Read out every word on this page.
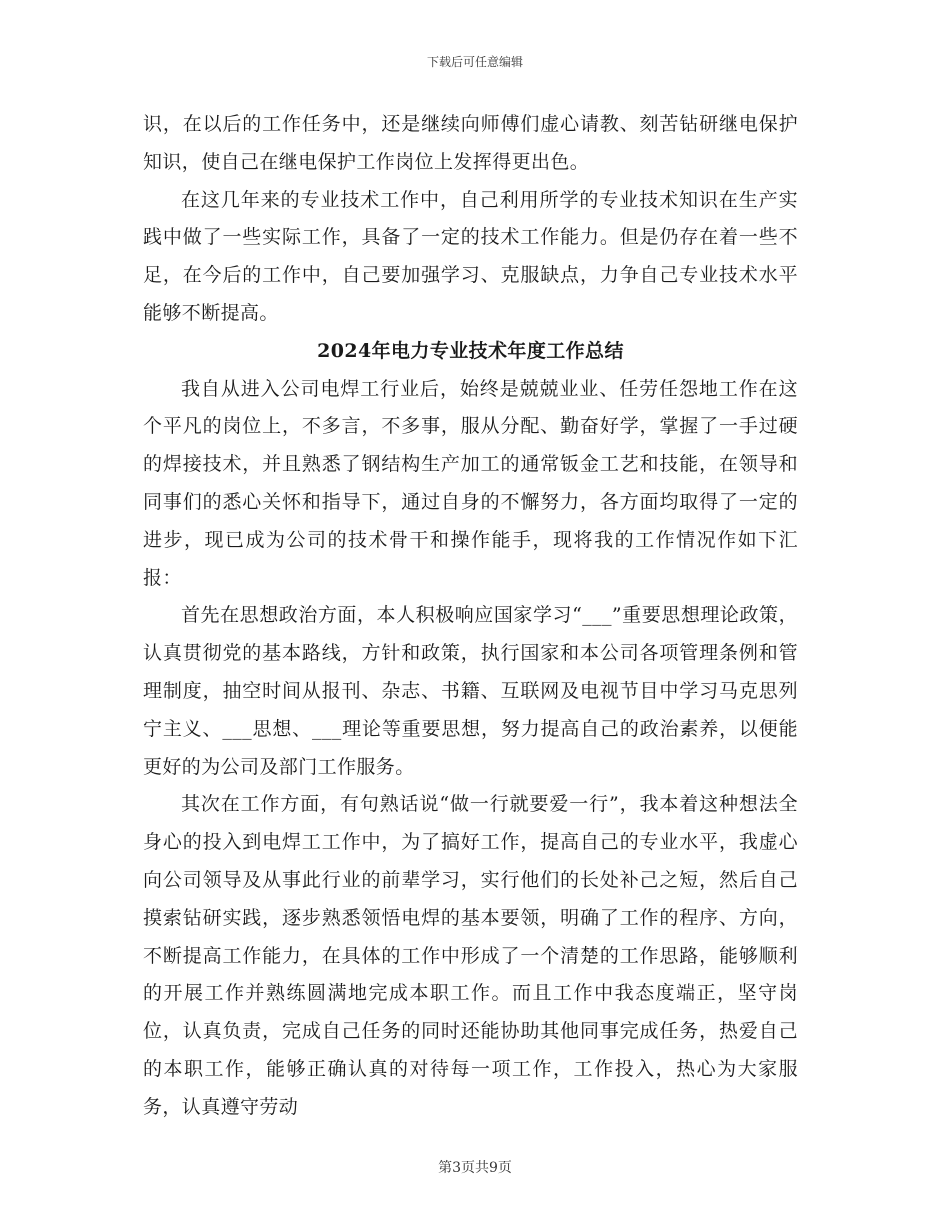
下载后可任意编辑

识，在以后的工作任务中，还是继续向师傅们虚心请教、刻苦钻研继电保护知识，使自己在继电保护工作岗位上发挥得更出色。

在这几年来的专业技术工作中，自己利用所学的专业技术知识在生产实践中做了一些实际工作，具备了一定的技术工作能力。但是仍存在着一些不足，在今后的工作中，自己要加强学习、克服缺点，力争自己专业技术水平能够不断提高。

2024年电力专业技术年度工作总结

我自从进入公司电焊工行业后，始终是兢兢业业、任劳任怨地工作在这个平凡的岗位上，不多言，不多事，服从分配、勤奋好学，掌握了一手过硬的焊接技术，并且熟悉了钢结构生产加工的通常钣金工艺和技能，在领导和同事们的悉心关怀和指导下，通过自身的不懈努力，各方面均取得了一定的进步，现已成为公司的技术骨干和操作能手，现将我的工作情况作如下汇报：

首先在思想政治方面，本人积极响应国家学习“___”重要思想理论政策，认真贯彻党的基本路线，方针和政策，执行国家和本公司各项管理条例和管理制度，抽空时间从报刊、杂志、书籍、互联网及电视节目中学习马克思列宁主义、___思想、___理论等重要思想，努力提高自己的政治素养，以便能更好的为公司及部门工作服务。

其次在工作方面，有句熟话说“做一行就要爱一行”，我本着这种想法全身心的投入到电焊工工作中，为了搞好工作，提高自己的专业水平，我虚心向公司领导及从事此行业的前辈学习，实行他们的长处补己之短，然后自己摸索钻研实践，逐步熟悉领悟电焊的基本要领，明确了工作的程序、方向，不断提高工作能力，在具体的工作中形成了一个清楚的工作思路，能够顺利的开展工作并熟练圆满地完成本职工作。而且工作中我态度端正，坚守岗位，认真负责，完成自己任务的同时还能协助其他同事完成任务，热爱自己的本职工作，能够正确认真的对待每一项工作，工作投入，热心为大家服务，认真遵守劳动

第3页共9页
